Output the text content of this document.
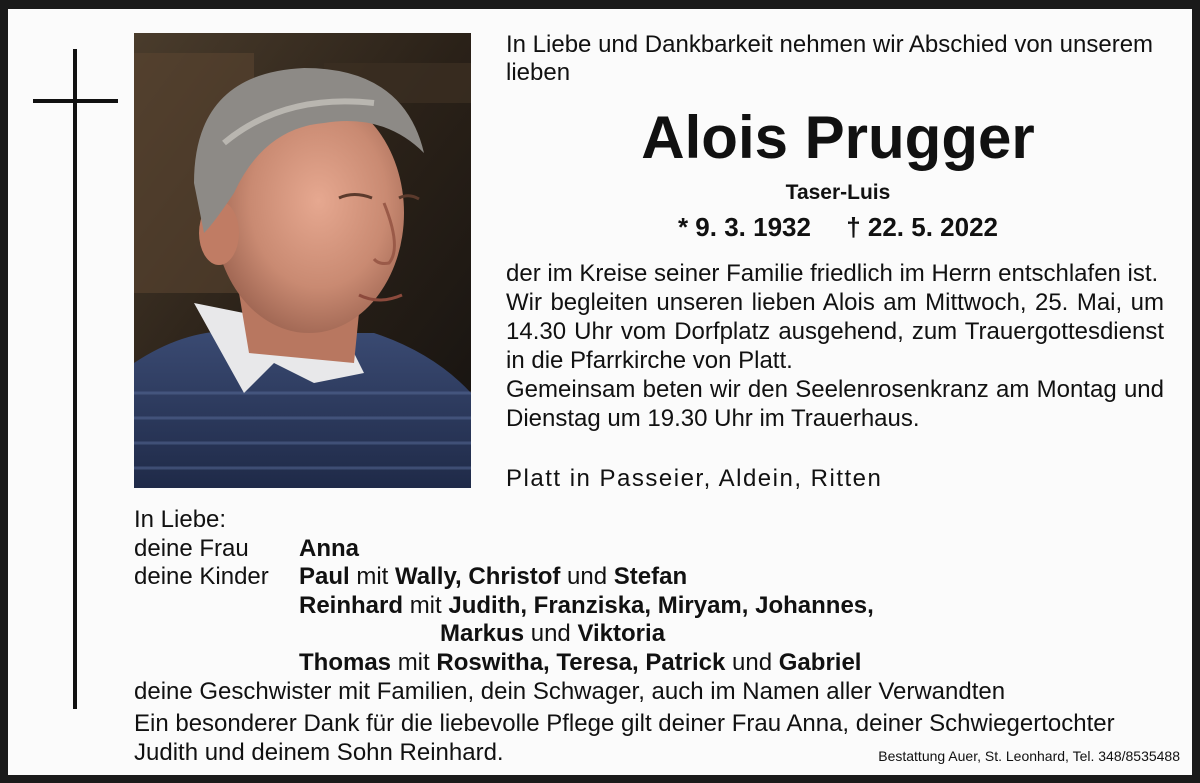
In Liebe und Dankbarkeit nehmen wir Abschied von unserem lieben
Alois Prugger
Taser-Luis
* 9. 3. 1932 † 22. 5. 2022

der im Kreise seiner Familie friedlich im Herrn entschlafen ist.

Wir begleiten unseren lieben Alois am Mittwoch, 25. Mai, um 14.30 Uhr vom Dorfplatz ausgehend, zum Trauergottesdienst in die Pfarrkirche von Platt.

Gemeinsam beten wir den Seelenrosenkranz am Montag und Dienstag um 19.30 Uhr im Trauerhaus.

Platt in Passeier, Aldein, Ritten
In Liebe:
deine Frau Anna
deine Kinder Paul mit Wally, Christof und Stefan
Reinhard mit Judith, Franziska, Miryam, Johannes,
Markus und Viktoria
Thomas mit Roswitha, Teresa, Patrick und Gabriel
deine Geschwister mit Familien, dein Schwager, auch im Namen aller Verwandten
Ein besonderer Dank für die liebevolle Pflege gilt deiner Frau Anna, deiner Schwiegertochter Judith und deinem Sohn Reinhard.	Bestattung Auer, St. Leonhard, Tel. 348/8535488
